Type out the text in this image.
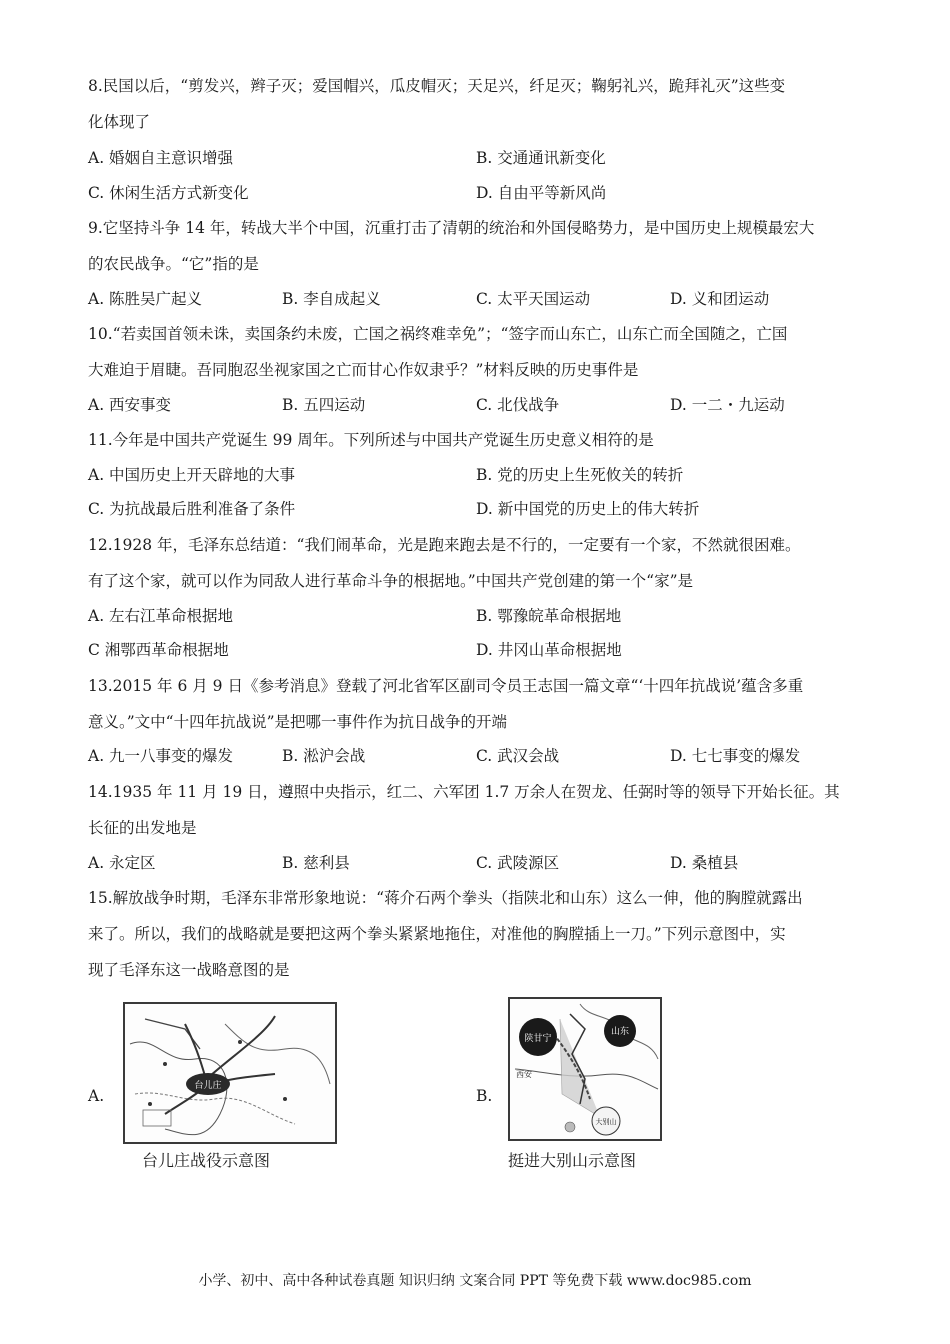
8.民国以后，“剪发兴，辫子灭；爱国帽兴，瓜皮帽灭；天足兴，纤足灭；鞠躬礼兴，跪拜礼灭”这些变
化体现了
A. 婚姻自主意识增强	B. 交通通讯新变化
C. 休闲生活方式新变化	D. 自由平等新风尚
9.它坚持斗争 14 年，转战大半个中国，沉重打击了清朝的统治和外国侵略势力，是中国历史上规模最宏大
的农民战争。“它”指的是
A. 陈胜吴广起义	B. 李自成起义	C. 太平天国运动	D. 义和团运动
10.“若卖国首领未诛，卖国条约未废，亡国之祸终难幸免”；“签字而山东亡，山东亡而全国随之，亡国
大难迫于眉睫。吾同胞忍坐视家国之亡而甘心作奴隶乎？”材料反映的历史事件是
A. 西安事变	B. 五四运动	C. 北伐战争	D. 一二・九运动
11.今年是中国共产党诞生 99 周年。下列所述与中国共产党诞生历史意义相符的是
A. 中国历史上开天辟地的大事	B. 党的历史上生死攸关的转折
C. 为抗战最后胜利准备了条件	D. 新中国党的历史上的伟大转折
12.1928 年，毛泽东总结道：“我们闹革命，光是跑来跑去是不行的，一定要有一个家，不然就很困难。
有了这个家，就可以作为同敌人进行革命斗争的根据地。”中国共产党创建的第一个“家”是
A. 左右江革命根据地	B. 鄂豫皖革命根据地
C 湘鄂西革命根据地	D. 井冈山革命根据地
13.2015 年 6 月 9 日《参考消息》登载了河北省军区副司令员王志国一篇文章“‘十四年抗战说’蕴含多重
意义。”文中“十四年抗战说”是把哪一事件作为抗日战争的开端
A. 九一八事变的爆发	B. 淞沪会战	C. 武汉会战	D. 七七事变的爆发
14.1935 年 11 月 19 日，遵照中央指示，红二、六军团 1.7 万余人在贺龙、任弼时等的领导下开始长征。其
长征的出发地是
A. 永定区	B. 慈利县	C. 武陵源区	D. 桑植县
15.解放战争时期，毛泽东非常形象地说：“蒋介石两个拳头（指陕北和山东）这么一伸，他的胸膛就露出
来了。所以，我们的战略就是要把这两个拳头紧紧地拖住，对准他的胸膛插上一刀。”下列示意图中，实
现了毛泽东这一战略意图的是
A.	B.
台儿庄
台儿庄战役示意图
陕甘宁
山东
西安
大别山
挺进大别山示意图
小学、初中、高中各种试卷真题 知识归纳 文案合同 PPT 等免费下载 www.doc985.com
